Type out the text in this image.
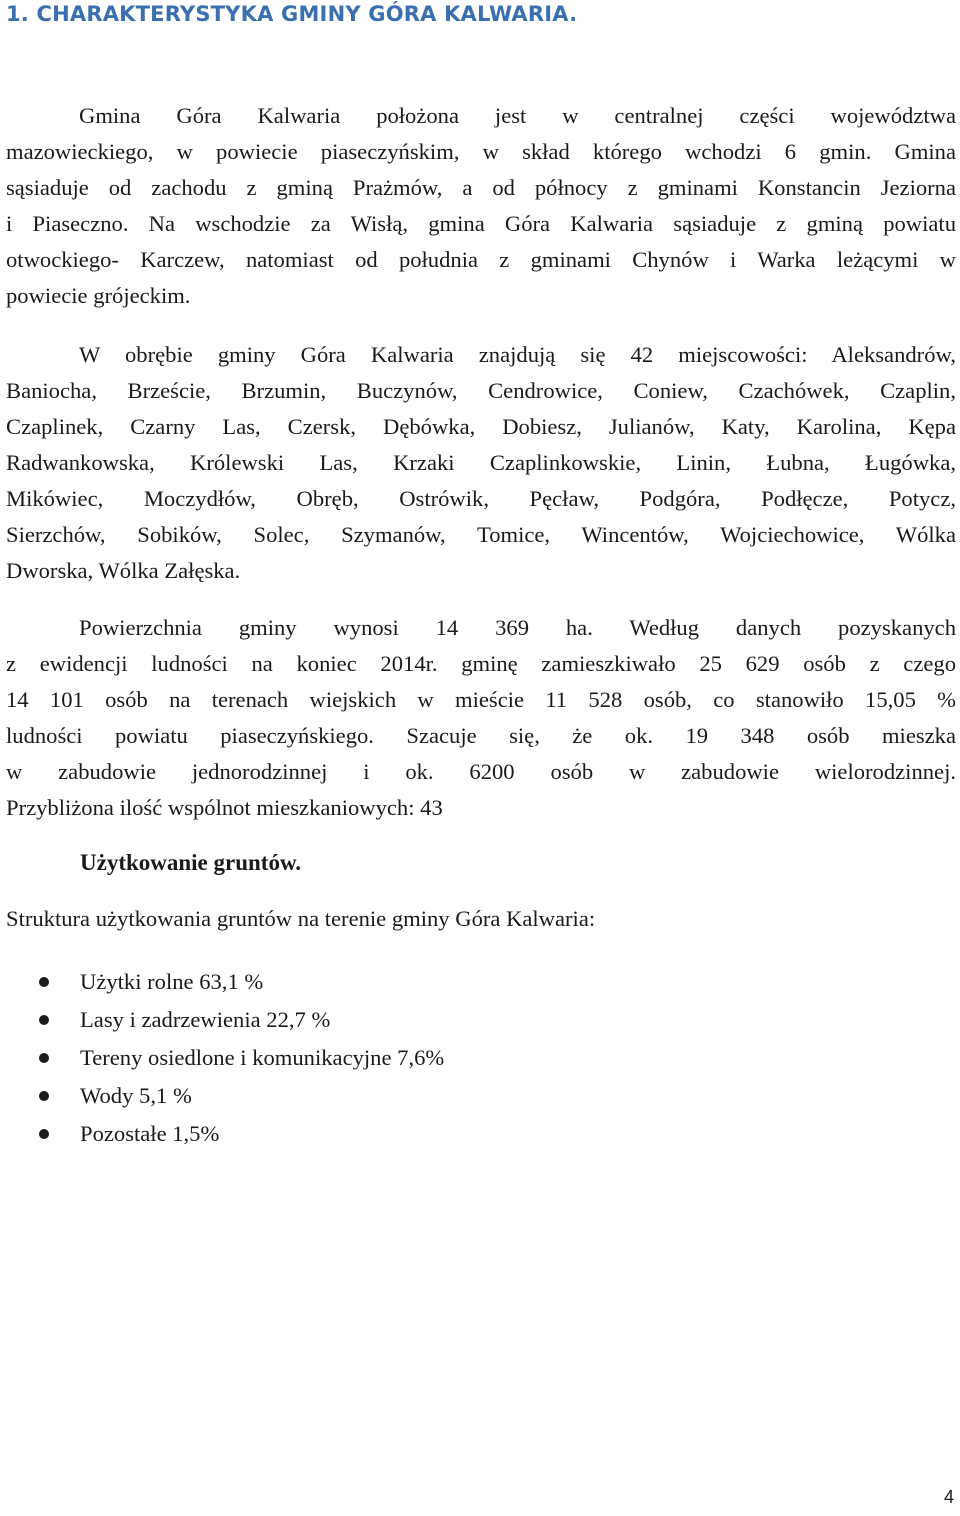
1. CHARAKTERYSTYKA GMINY GÓRA KALWARIA.
Gmina Góra Kalwaria położona jest w centralnej części województwa
mazowieckiego, w powiecie piaseczyńskim, w skład którego wchodzi 6 gmin. Gmina
sąsiaduje od zachodu z gminą Prażmów, a od północy z gminami Konstancin Jeziorna
i Piaseczno. Na wschodzie za Wisłą, gmina Góra Kalwaria sąsiaduje z gminą powiatu
otwockiego- Karczew, natomiast od południa z gminami Chynów i Warka leżącymi w
powiecie grójeckim.
W obrębie gminy Góra Kalwaria znajdują się 42 miejscowości: Aleksandrów,
Baniocha, Brzeście, Brzumin, Buczynów, Cendrowice, Coniew, Czachówek, Czaplin,
Czaplinek, Czarny Las, Czersk, Dębówka, Dobiesz, Julianów, Katy, Karolina, Kępa
Radwankowska, Królewski Las, Krzaki Czaplinkowskie, Linin, Łubna, Ługówka,
Mikówiec, Moczydłów, Obręb, Ostrówik, Pęcław, Podgóra, Podłęcze, Potycz,
Sierzchów, Sobików, Solec, Szymanów, Tomice, Wincentów, Wojciechowice, Wólka
Dworska, Wólka Załęska.
Powierzchnia gminy wynosi 14 369 ha. Według danych pozyskanych
z ewidencji ludności na koniec 2014r. gminę zamieszkiwało 25 629 osób z czego
14 101 osób na terenach wiejskich w mieście 11 528 osób, co stanowiło 15,05 %
ludności powiatu piaseczyńskiego. Szacuje się, że ok. 19 348 osób mieszka
w zabudowie jednorodzinnej i ok. 6200 osób w zabudowie wielorodzinnej.
Przybliżona ilość wspólnot mieszkaniowych: 43
Użytkowanie gruntów.
Struktura użytkowania gruntów na terenie gminy Góra Kalwaria:
Użytki rolne 63,1 %
Lasy i zadrzewienia 22,7 %
Tereny osiedlone i komunikacyjne 7,6%
Wody 5,1 %
Pozostałe 1,5%
4
